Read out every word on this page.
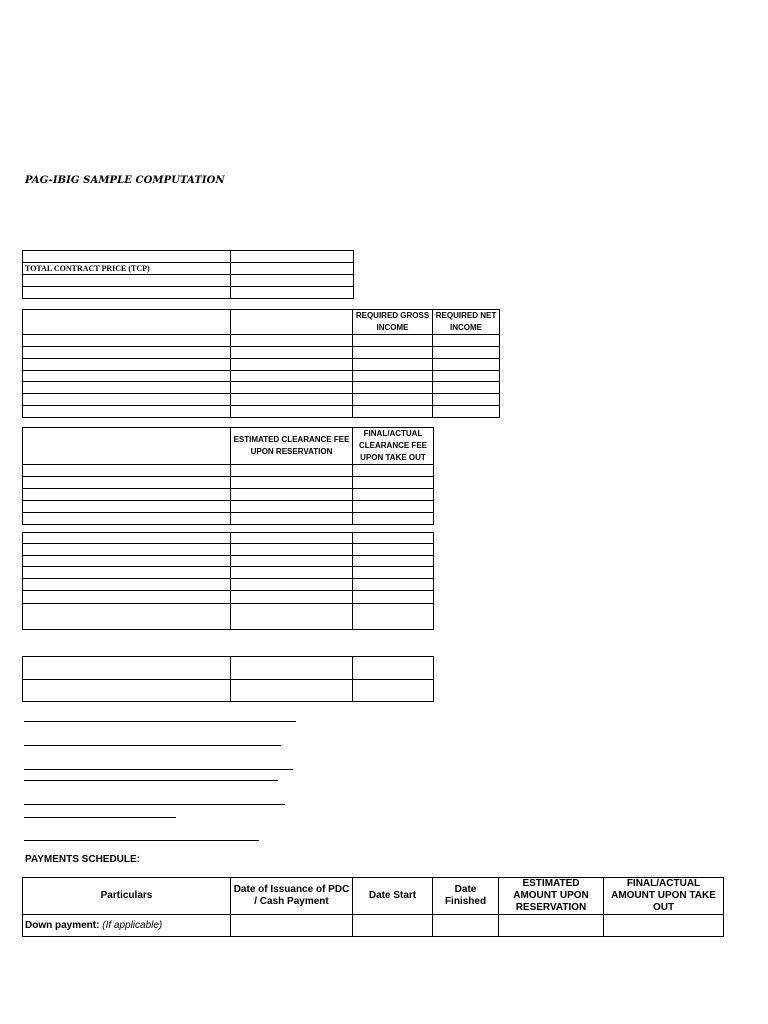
PAG-IBIG SAMPLE COMPUTATION

TOTAL CONTRACT PRICE (TCP)	

		REQUIRED GROSS INCOME	REQUIRED NET INCOME

	ESTIMATED CLEARANCE FEE UPON RESERVATION	FINAL/ACTUAL CLEARANCE FEE UPON TAKE OUT

PAYMENTS SCHEDULE:
Particulars	Date of Issuance of PDC / Cash Payment	Date Start	Date Finished	ESTIMATED AMOUNT UPON RESERVATION	FINAL/ACTUAL AMOUNT UPON TAKE OUT
Down payment: (If applicable)					
